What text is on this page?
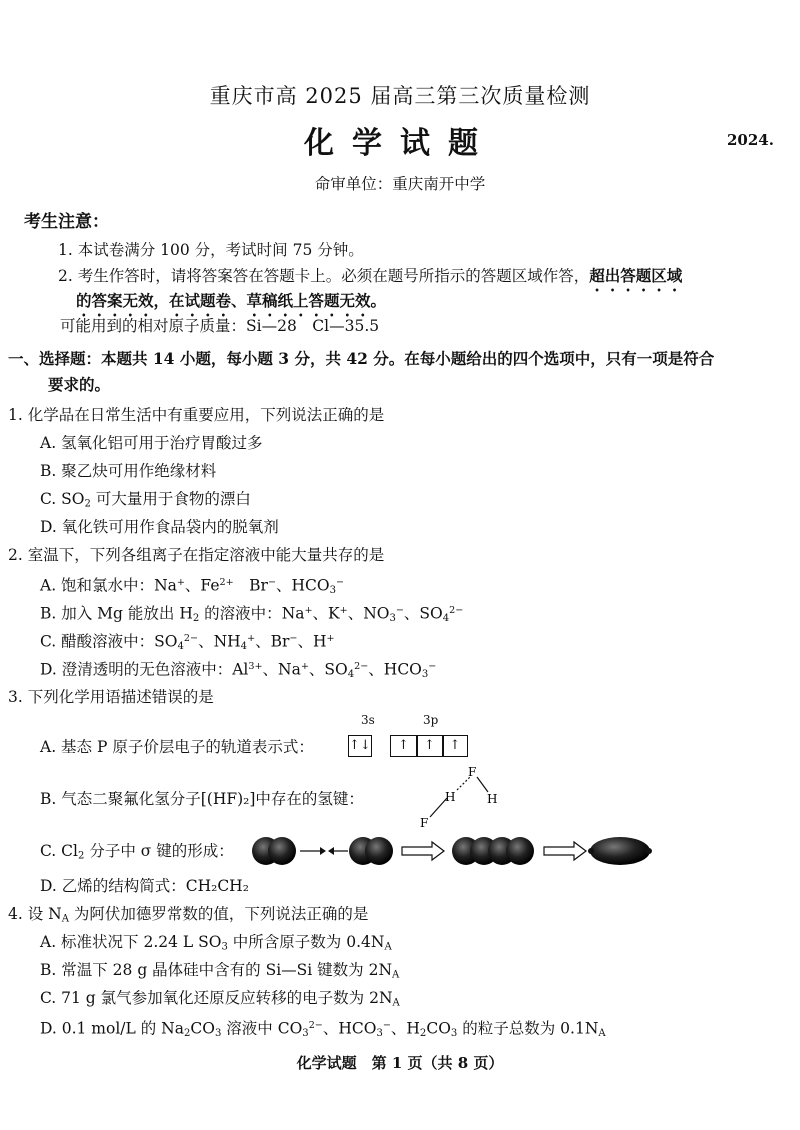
重庆市高 2025 届高三第三次质量检测
化学试题	2024.
命审单位：重庆南开中学
考生注意：
1. 本试卷满分 100 分，考试时间 75 分钟。
2. 考生作答时，请将答案答在答题卡上。必须在题号所指示的答题区域作答，超出答题区域
的答案无效，在试题卷、草稿纸上答题无效。
可能用到的相对原子质量：Si—28　Cl—35.5
一、选择题：本题共 14 小题，每小题 3 分，共 42 分。在每小题给出的四个选项中，只有一项是符合
要求的。
1. 化学品在日常生活中有重要应用，下列说法正确的是
A. 氢氧化铝可用于治疗胃酸过多
B. 聚乙炔可用作绝缘材料
C. $SO_2$ 可大量用于食物的漂白
D. 氧化铁可用作食品袋内的脱氧剂
2. 室温下，下列各组离子在指定溶液中能大量共存的是
A. 饱和氯水中：Na+、$Fe^{2+}$　Br−、$HCO_3^-$
B. 加入 Mg 能放出 $H_2$ 的溶液中：Na+、K+、$NO_3^-$、$SO_4^{2-}$
C. 醋酸溶液中：$SO_4^{2-}$、$NH_4^+$、Br−、H+
D. 澄清透明的无色溶液中：$Al^{3+}$、Na+、$SO_4^{2-}$、$HCO_3^-$
3. 下列化学用语描述错误的是
A. 基态 P 原子价层电子的轨道表示式：
3s	3p
↑↓	↑	↑	↑
B. 气态二聚氟化氢分子[(HF)₂]中存在的氢键：
F
H	H
F
C. $Cl_2$ 分子中 σ 键的形成：
D. 乙烯的结构简式：CH₂CH₂
4. 设 $N_A$ 为阿伏加德罗常数的值，下列说法正确的是
A. 标准状况下 2.24 L $SO_3$ 中所含原子数为 $0.4N_A$
B. 常温下 28 g 晶体硅中含有的 Si—Si 键数为 $2N_A$
C. 71 g 氯气参加氧化还原反应转移的电子数为 $2N_A$
D. 0.1 mol/L 的 $Na_2CO_3$ 溶液中 $CO_3^{2-}$、$HCO_3^-$、$H_2CO_3$ 的粒子总数为 $0.1N_A$
化学试题　第 1 页（共 8 页）
